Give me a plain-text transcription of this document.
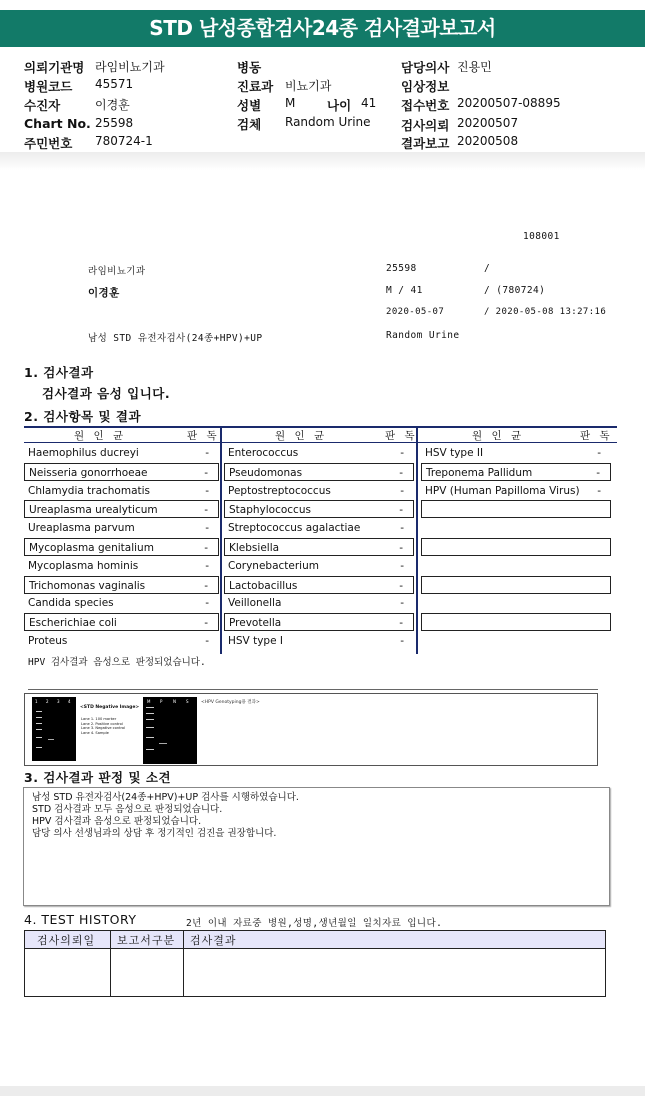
STD 남성종합검사24종 검사결과보고서
의뢰기관명 라임비뇨기과
병원코드 45571
수진자	이경훈
Chart No. 25598
주민번호 780724-1
병동
진료과 비뇨기과
성별 M
검체 Random Urine
담당의사 진용민
임상정보
접수번호 20200507-08895
검사의뢰 20200507
결과보고 20200508
나이 41
108001
라임비뇨기과	25598	/
이경훈	M / 41	/ (780724)
2020-05-07	/ 2020-05-08 13:27:16
남성 STD 유전자검사(24종+HPV)+UP	Random Urine
1. 검사결과
검사결과 음성 입니다.
2. 검사항목 및 결과
원 인 균	판 독
Haemophilus ducreyi	-
Neisseria gonorrhoeae	-
Chlamydia trachomatis	-
Ureaplasma urealyticum	-
Ureaplasma parvum	-
Mycoplasma genitalium	-
Mycoplasma hominis	-
Trichomonas vaginalis	-
Candida species	-
Escherichiae coli	-
Proteus	-
원 인 균	판 독
Enterococcus	-
Pseudomonas	-
Peptostreptococcus	-
Staphylococcus	-
Streptococcus agalactiae	-
Klebsiella	-
Corynebacterium	-
Lactobacillus	-
Veillonella	-
Prevotella	-
HSV type I	-
원 인 균	판 독
HSV type II	-
Treponema Pallidum	-
HPV (Human Papilloma Virus) -
HPV 검사결과 음성으로 판정되었습니다.
1 2 3 4
<STD Negative Image>
Lane 1. 100 marker
Lane 2. Positive control
Lane 3. Negative control
Lane 4. Sample
M P	N	S	<HPV Genotyping용 결과>
3. 검사결과 판정 및 소견
남성 STD 유전자검사(24종+HPV)+UP 검사를 시행하였습니다.
STD 검사결과 모두 음성으로 판정되었습니다.
HPV 검사결과 음성으로 판정되었습니다.
담당 의사 선생님과의 상담 후 정기적인 검진을 권장합니다.
4. TEST HISTORY	2년 이내 자료중 병원,성명,생년월일 일치자료 입니다.
검사의뢰일	보고서구분	검사결과
